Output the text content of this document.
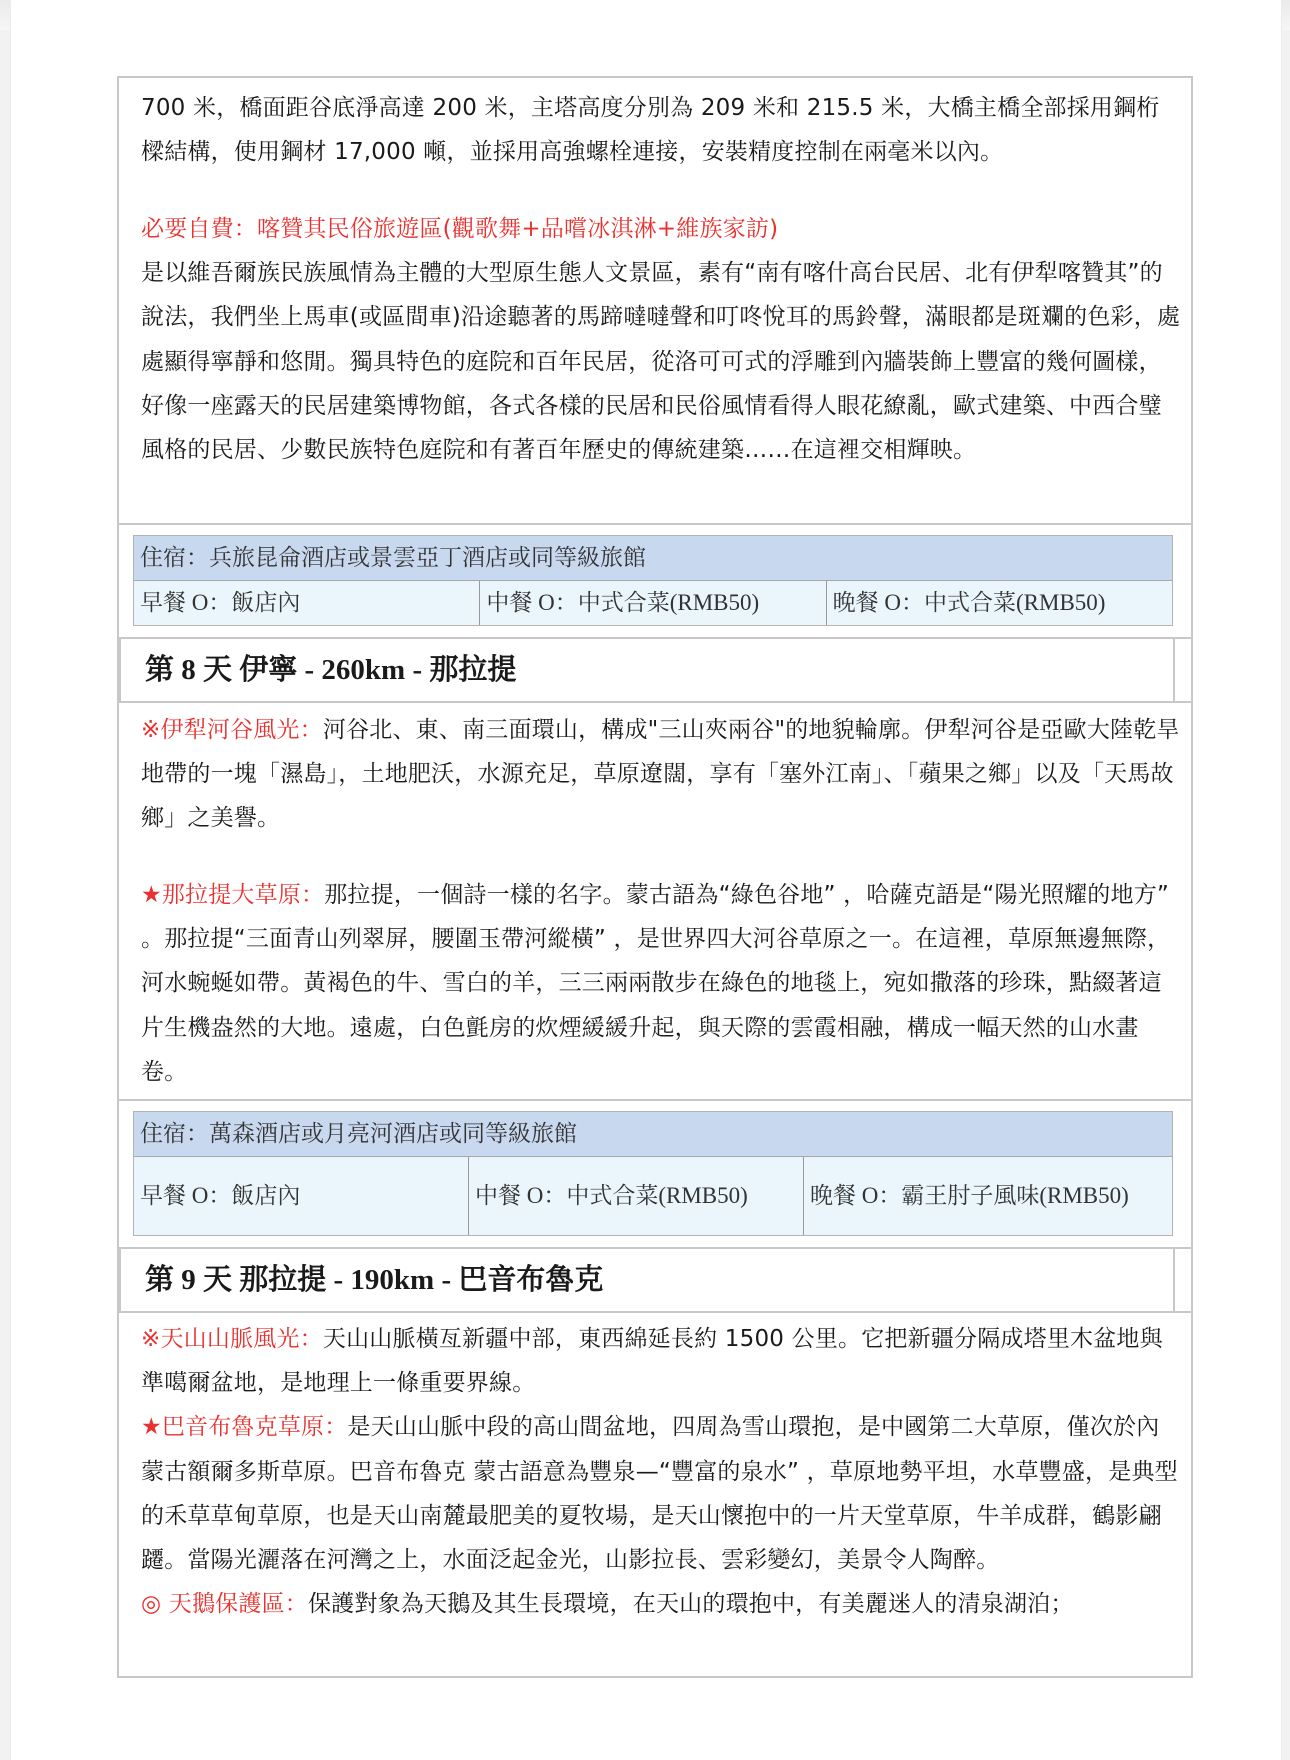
700 米，橋面距谷底淨高達 200 米，主塔高度分別為 209 米和 215.5 米，大橋主橋全部採用鋼桁樑結構，使用鋼材 17,000 噸，並採用高強螺栓連接，安裝精度控制在兩毫米以內。

必要自費：喀贊其民俗旅遊區(觀歌舞+品嚐冰淇淋+維族家訪)

是以維吾爾族民族風情為主體的大型原生態人文景區，素有“南有喀什高台民居、北有伊犁喀贊其”的說法，我們坐上馬車(或區間車)沿途聽著的馬蹄噠噠聲和叮咚悅耳的馬鈴聲，滿眼都是斑斕的色彩，處處顯得寧靜和悠閒。獨具特色的庭院和百年民居，從洛可可式的浮雕到內牆裝飾上豐富的幾何圖樣，好像一座露天的民居建築博物館，各式各樣的民居和民俗風情看得人眼花繚亂，歐式建築、中西合璧風格的民居、少數民族特色庭院和有著百年歷史的傳統建築……在這裡交相輝映。

住宿：兵旅昆侖酒店或景雲亞丁酒店或同等級旅館
早餐 O：飯店內	中餐 O：中式合菜(RMB50)	晚餐 O：中式合菜(RMB50)
第 8 天 伊寧 - 260km - 那拉提

※伊犁河谷風光：河谷北、東、南三面環山，構成"三山夾兩谷"的地貌輪廓。伊犁河谷是亞歐大陸乾旱地帶的一塊「濕島」，土地肥沃，水源充足，草原遼闊，享有「塞外江南」、「蘋果之鄉」以及「天馬故鄉」之美譽。

★那拉提大草原：那拉提，一個詩一樣的名字。蒙古語為“綠色谷地” ，哈薩克語是“陽光照耀的地方” 。那拉提“三面青山列翠屏，腰圍玉帶河縱橫” ，是世界四大河谷草原之一。在這裡，草原無邊無際，河水蜿蜒如帶。黃褐色的牛、雪白的羊，三三兩兩散步在綠色的地毯上，宛如撒落的珍珠，點綴著這片生機盎然的大地。遠處，白色氈房的炊煙緩緩升起，與天際的雲霞相融，構成一幅天然的山水畫卷。

住宿：萬森酒店或月亮河酒店或同等級旅館
早餐 O：飯店內	中餐 O：中式合菜(RMB50)	晚餐 O：霸王肘子風味(RMB50)
第 9 天 那拉提 - 190km - 巴音布魯克

※天山山脈風光：天山山脈橫亙新疆中部，東西綿延長約 1500 公里。它把新疆分隔成塔里木盆地與準噶爾盆地，是地理上一條重要界線。

★巴音布魯克草原：是天山山脈中段的高山間盆地，四周為雪山環抱，是中國第二大草原，僅次於內蒙古額爾多斯草原。巴音布魯克 蒙古語意為豐泉—“豐富的泉水” ，草原地勢平坦，水草豐盛，是典型的禾草草甸草原，也是天山南麓最肥美的夏牧場，是天山懷抱中的一片天堂草原，牛羊成群，鶴影翩躚。當陽光灑落在河灣之上，水面泛起金光，山影拉長、雲彩變幻，美景令人陶醉。

◎ 天鵝保護區：保護對象為天鵝及其生長環境，在天山的環抱中，有美麗迷人的清泉湖泊；
